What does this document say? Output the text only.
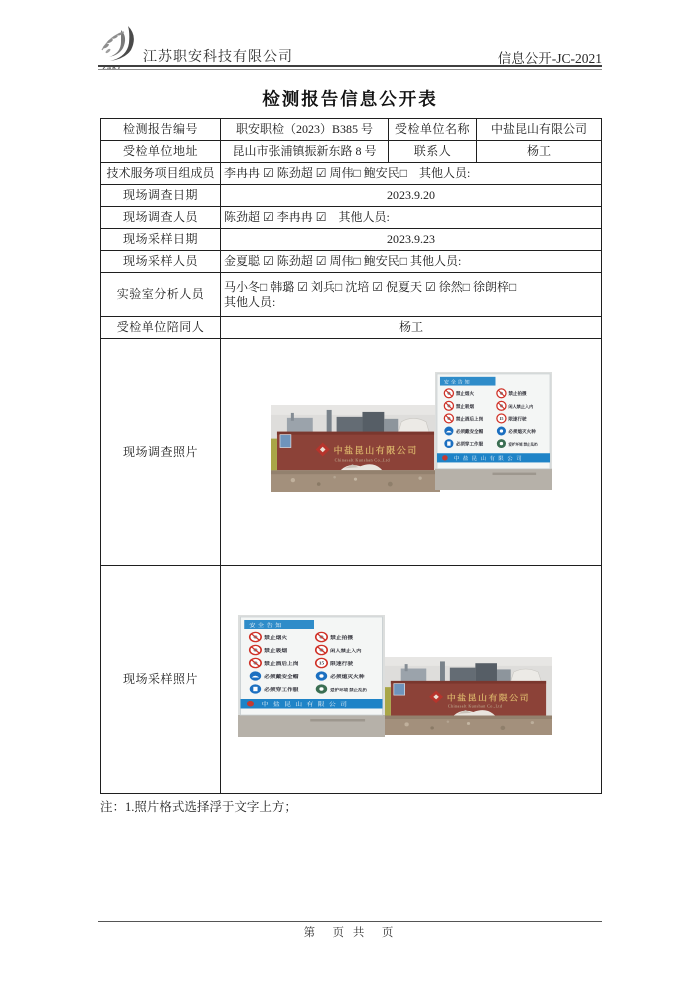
ZAKJ
江苏职安科技有限公司	信息公开-JC-2021
检测报告信息公开表
检测报告编号	职安职检（2023）B385 号	受检单位名称	中盐昆山有限公司
受检单位地址	昆山市张浦镇振新东路 8 号	联系人	杨工
技术服务项目组成员	李冉冉 ☑ 陈劲超 ☑ 周伟□ 鲍安民□　其他人员:		
现场调查日期	2023.9.20		
现场调查人员	陈劲超 ☑ 李冉冉 ☑　其他人员:		
现场采样日期	2023.9.23		
现场采样人员	金夏聪 ☑ 陈劲超 ☑ 周伟□ 鲍安民□ 其他人员:		
实验室分析人员	马小冬□ 韩璐 ☑ 刘兵□ 沈培 ☑ 倪夏天 ☑ 徐然□ 徐朗梓□
其他人员:		

受检单位陪同人	杨工		
现场调查照片	中盐昆山有限公司
Chinasalt Kunshan Co.,Ltd
安全告知
禁止烟火	禁止拍摄
禁止吸烟	闲人禁止入内
禁止酒后上岗	15 限速行驶
必须戴安全帽	必须熄灭火种
必须穿工作服	爱护环境 禁止乱扔
中盐昆山有限公司

现场采样照片	
安全告知
禁止烟火	禁止拍摄
禁止吸烟	闲人禁止入内
禁止酒后上岗	15 限速行驶
必须戴安全帽	必须熄灭火种
必须穿工作服	爱护环境 禁止乱扔
中盐昆山有限公司
中盐昆山有限公司
Chinasalt Kunshan Co.,Ltd
注：1.照片格式选择浮于文字上方；
第　页 共　页
